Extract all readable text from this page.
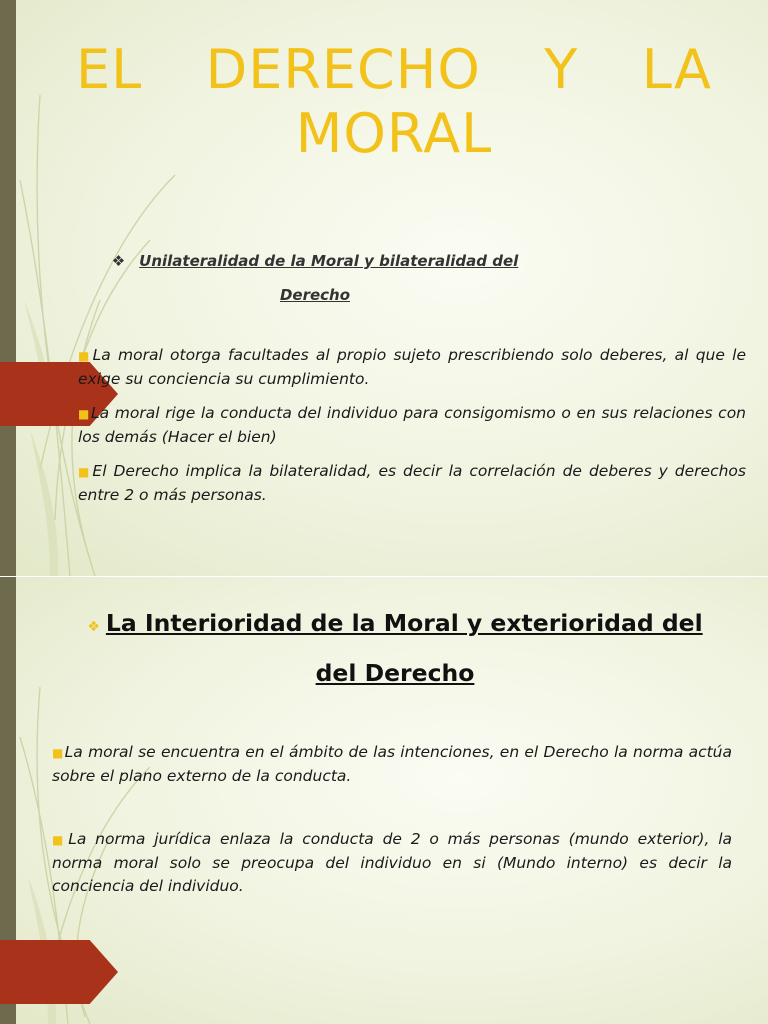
EL DERECHO Y LA MORAL
❖ Unilateralidad de la Moral y bilateralidad del
Derecho

■La moral otorga facultades al propio sujeto prescribiendo solo deberes, al que le exige su conciencia su cumplimiento.

■La moral rige la conducta del individuo para consigomismo o en sus relaciones con los demás (Hacer el bien)

■El Derecho implica la bilateralidad, es decir la correlación de deberes y derechos entre 2 o más personas.

❖ La Interioridad de la Moral y exterioridad del
del Derecho

■La moral se encuentra en el ámbito de las intenciones, en el Derecho la norma actúa sobre el plano externo de la conducta.

■La norma jurídica enlaza la conducta de 2 o más personas (mundo exterior), la norma moral solo se preocupa del individuo en si (Mundo interno) es decir la conciencia del individuo.
